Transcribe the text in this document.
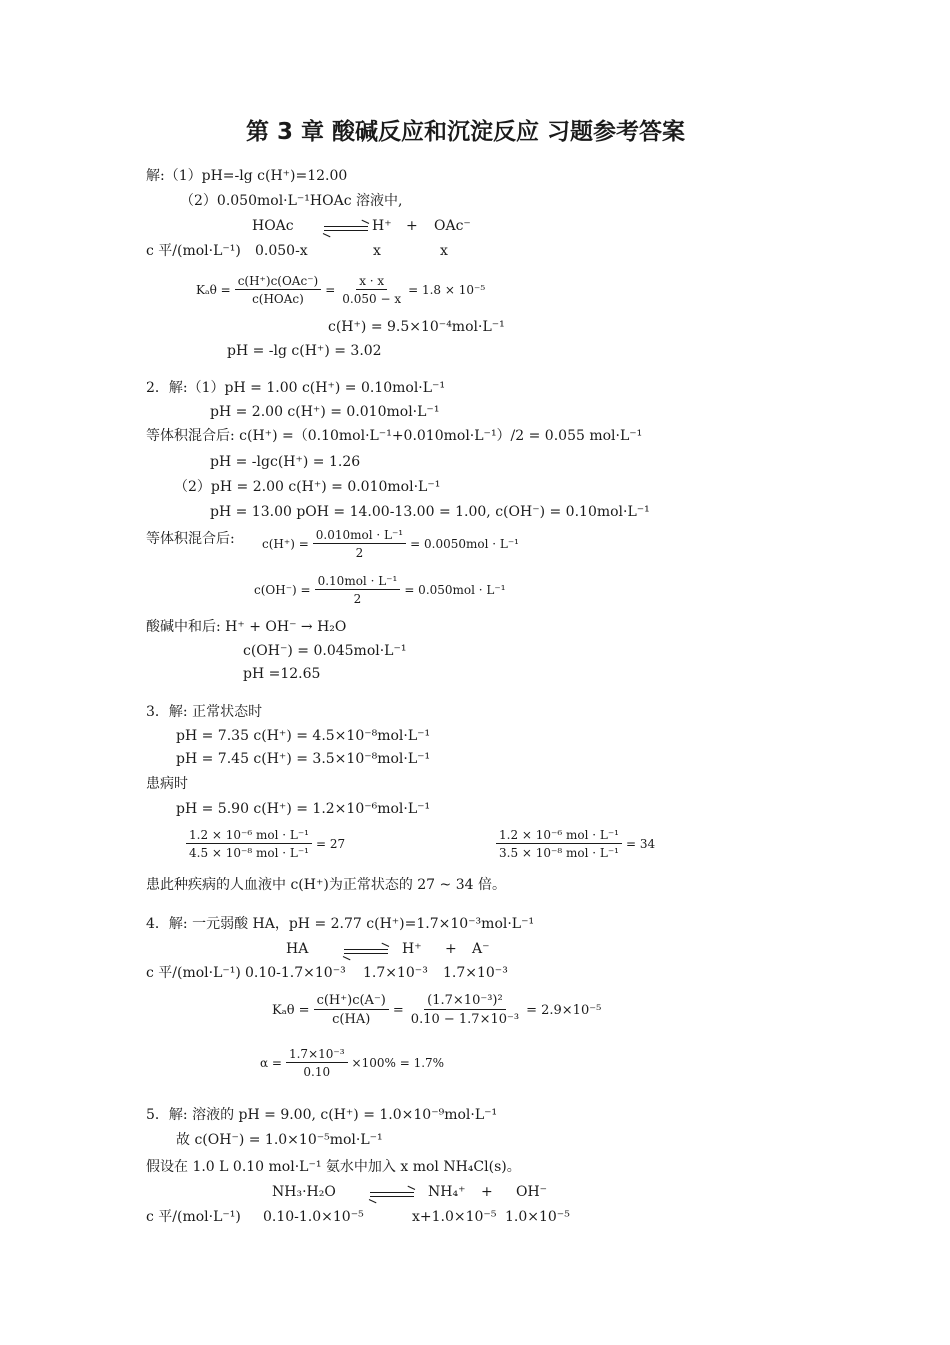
第 3 章 酸碱反应和沉淀反应 习题参考答案
解:（1）pH=-lg c(H⁺)=12.00
（2）0.050mol·L⁻¹HOAc 溶液中,
HOAc	H⁺ + OAc⁻
c 平/(mol·L⁻¹) 0.050-x	x	x
$K_a\theta = \frac{\text{c(H⁺)c(OAc⁻)}}{\text{c(HOAc)}} = \frac{x \cdot x}{0.050 - x} = 1.8 \times 10^{-5}$
c(H⁺) = 9.5×10⁻⁴mol·L⁻¹
pH = -lg c(H⁺) = 3.02
2．解:（1）pH = 1.00 c(H⁺) = 0.10mol·L⁻¹
pH = 2.00 c(H⁺) = 0.010mol·L⁻¹
等体积混合后: c(H⁺) =（0.10mol·L⁻¹+0.010mol·L⁻¹）/2 = 0.055 mol·L⁻¹
pH = -lgc(H⁺) = 1.26
（2）pH = 2.00 c(H⁺) = 0.010mol·L⁻¹
pH = 13.00 pOH = 14.00-13.00 = 1.00, c(OH⁻) = 0.10mol·L⁻¹
等体积混合后: $c(H^+) = \frac{\text{0.010mol · L⁻¹}}{2} = 0.0050mol \cdot L^{-1}$
$c(OH^-) = \frac{\text{0.10mol · L⁻¹}}{2} = 0.050mol \cdot L^{-1}$
酸碱中和后: H⁺ + OH⁻ → H₂O
c(OH⁻) = 0.045mol·L⁻¹
pH =12.65
3．解: 正常状态时
pH = 7.35 c(H⁺) = 4.5×10⁻⁸mol·L⁻¹
pH = 7.45 c(H⁺) = 3.5×10⁻⁸mol·L⁻¹
患病时
pH = 5.90 c(H⁺) = 1.2×10⁻⁶mol·L⁻¹
$\frac{\text{1.2 × 10⁻⁶ mol · L⁻¹}}{\text{4.5 × 10⁻⁸ mol · L⁻¹}} = 27$	$\frac{\text{1.2 × 10⁻⁶ mol · L⁻¹}}{\text{3.5 × 10⁻⁸ mol · L⁻¹}} = 34$
患此种疾病的人血液中 c(H⁺)为正常状态的 27 ~ 34 倍。
4．解: 一元弱酸 HA，pH = 2.77 c(H⁺)=1.7×10⁻³mol·L⁻¹
HA	H⁺ + A⁻
c 平/(mol·L⁻¹) 0.10-1.7×10⁻³ 1.7×10⁻³ 1.7×10⁻³
$K_a\theta = \frac{c(H^+)c(A^-)}{c(HA)} = \frac{\text{(1.7×10⁻³)²}}{\text{0.10 − 1.7×10⁻³}} = 2.9\times 10^{-5}$
$\alpha = \frac{\text{1.7×10⁻³}}{0.10} \times 100\% = 1.7\%$
5．解: 溶液的 pH = 9.00, c(H⁺) = 1.0×10⁻⁹mol·L⁻¹
故 c(OH⁻) = 1.0×10⁻⁵mol·L⁻¹
假设在 1.0 L 0.10 mol·L⁻¹ 氨水中加入 x mol NH₄Cl(s)。
NH₃·H₂O	NH₄⁺ + OH⁻
c 平/(mol·L⁻¹) 0.10-1.0×10⁻⁵	x+1.0×10⁻⁵ 1.0×10⁻⁵
